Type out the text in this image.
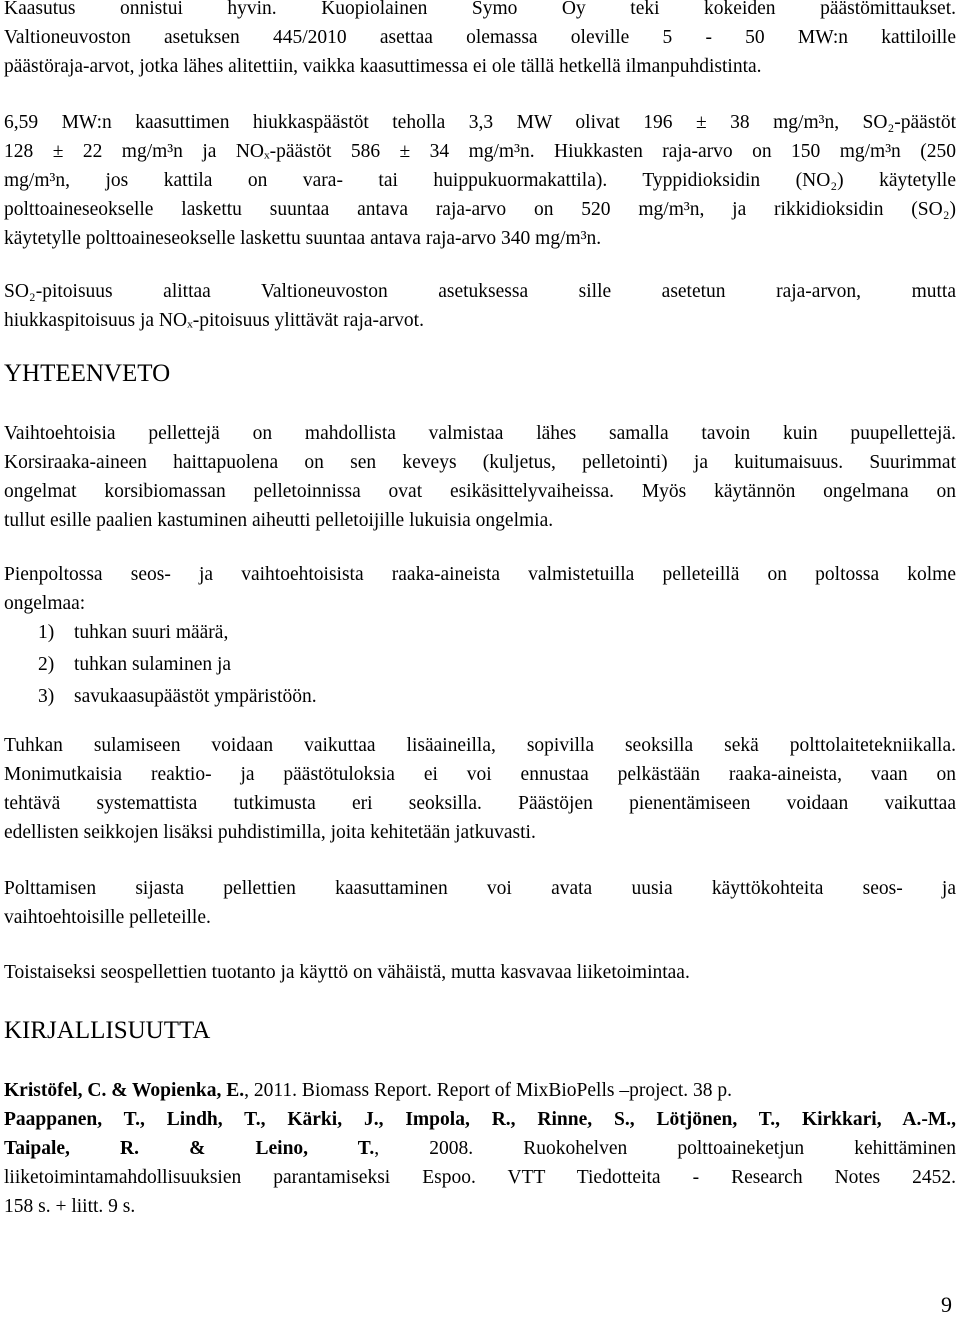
Kaasutus onnistui hyvin. Kuopiolainen Symo Oy teki kokeiden päästömittaukset.
Valtioneuvoston asetuksen 445/2010 asettaa olemassa oleville 5 - 50 MW:n kattiloille
päästöraja-arvot, jotka lähes alitettiin, vaikka kaasuttimessa ei ole tällä hetkellä ilmanpuhdistinta.
6,59 MW:n kaasuttimen hiukkaspäästöt teholla 3,3 MW olivat 196 ± 38 mg/m³n, SO₂-päästöt
128 ± 22 mg/m³n ja NOₓ-päästöt 586 ± 34 mg/m³n. Hiukkasten raja-arvo on 150 mg/m³n (250
mg/m³n, jos kattila on vara- tai huippukuormakattila). Typpidioksidin (NO₂) käytetylle
polttoaineseokselle laskettu suuntaa antava raja-arvo on 520 mg/m³n, ja rikkidioksidin (SO₂)
käytetylle polttoaineseokselle laskettu suuntaa antava raja-arvo 340 mg/m³n.
SO₂-pitoisuus alittaa Valtioneuvoston asetuksessa sille asetetun raja-arvon, mutta
hiukkaspitoisuus ja NOₓ-pitoisuus ylittävät raja-arvot.
YHTEENVETO
Vaihtoehtoisia pellettejä on mahdollista valmistaa lähes samalla tavoin kuin puupellettejä.
Korsiraaka-aineen haittapuolena on sen keveys (kuljetus, pelletointi) ja kuitumaisuus. Suurimmat
ongelmat korsibiomassan pelletoinnissa ovat esikäsittelyvaiheissa. Myös käytännön ongelmana on
tullut esille paalien kastuminen aiheutti pelletoijille lukuisia ongelmia.
Pienpoltossa seos- ja vaihtoehtoisista raaka-aineista valmistetuilla pelleteillä on poltossa kolme
ongelmaa:
1) tuhkan suuri määrä,
2) tuhkan sulaminen ja
3) savukaasupäästöt ympäristöön.
Tuhkan sulamiseen voidaan vaikuttaa lisäaineilla, sopivilla seoksilla sekä polttolaitetekniikalla.
Monimutkaisia reaktio- ja päästötuloksia ei voi ennustaa pelkästään raaka-aineista, vaan on
tehtävä systemattista tutkimusta eri seoksilla. Päästöjen pienentämiseen voidaan vaikuttaa
edellisten seikkojen lisäksi puhdistimilla, joita kehitetään jatkuvasti.
Polttamisen sijasta pellettien kaasuttaminen voi avata uusia käyttökohteita seos- ja
vaihtoehtoisille pelleteille.
Toistaiseksi seospellettien tuotanto ja käyttö on vähäistä, mutta kasvavaa liiketoimintaa.
KIRJALLISUUTTA
Kristöfel, C. & Wopienka, E., 2011. Biomass Report. Report of MixBioPells –project. 38 p.
Paappanen, T., Lindh, T., Kärki, J., Impola, R., Rinne, S., Lötjönen, T., Kirkkari, A.-M.,
Taipale, R. & Leino, T., 2008. Ruokohelven polttoaineketjun kehittäminen
liiketoimintamahdollisuuksien parantamiseksi Espoo. VTT Tiedotteita - Research Notes 2452.
158 s. + liitt. 9 s.
9
